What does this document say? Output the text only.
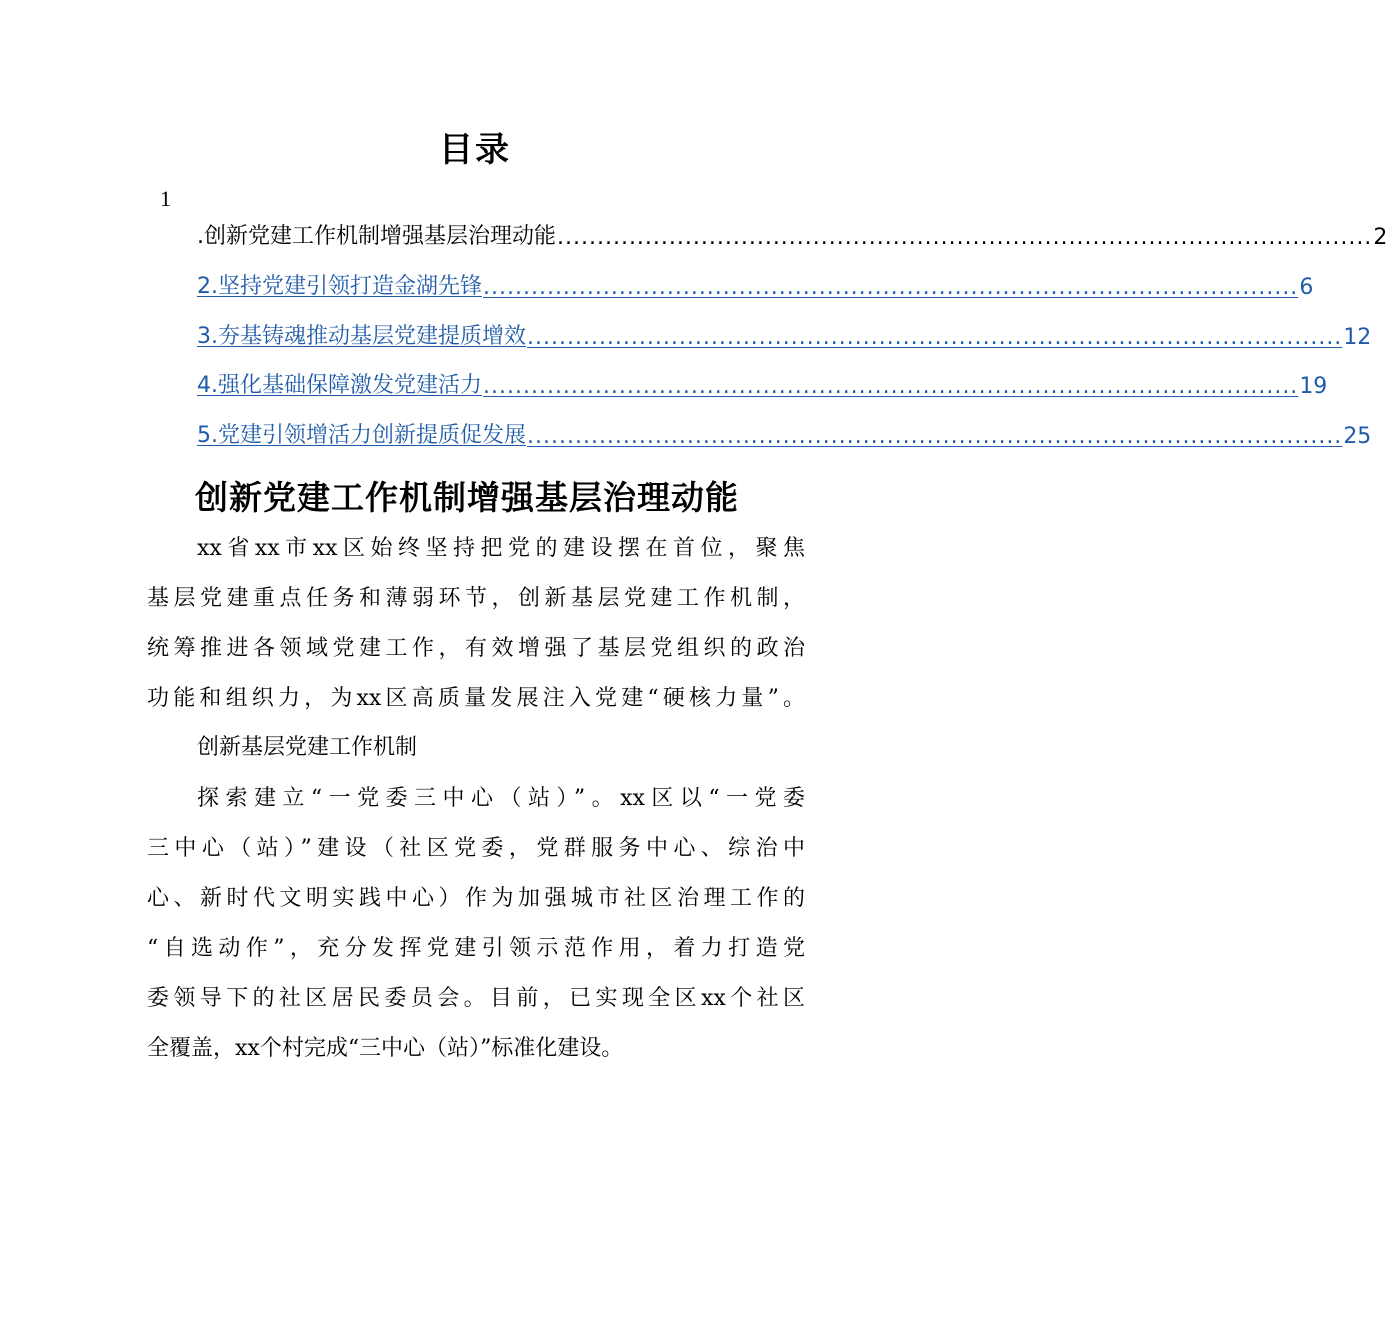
目录
1
.创新党建工作机制增强基层治理动能 ...................................................................................................... 2
2.坚持党建引领打造金湖先锋 ...................................................................................................... 6
3.夯基铸魂推动基层党建提质增效 ...................................................................................................... 12
4.强化基础保障激发党建活力 ...................................................................................................... 19
5.党建引领增活力创新提质促发展 ...................................................................................................... 25
创新党建工作机制增强基层治理动能
xx省xx市xx区始终坚持把党的建设摆在首位，聚焦
基层党建重点任务和薄弱环节，创新基层党建工作机制，
统筹推进各领域党建工作，有效增强了基层党组织的政治
功能和组织力，为xx区高质量发展注入党建“硬核力量”。
创新基层党建工作机制
探索建立“一党委三中心（站）”。xx区以“一党委
三中心（站）”建设（社区党委，党群服务中心、综治中
心、新时代文明实践中心）作为加强城市社区治理工作的
“自选动作”，充分发挥党建引领示范作用，着力打造党
委领导下的社区居民委员会。目前，已实现全区xx个社区
全覆盖，xx个村完成“三中心（站）”标准化建设。
